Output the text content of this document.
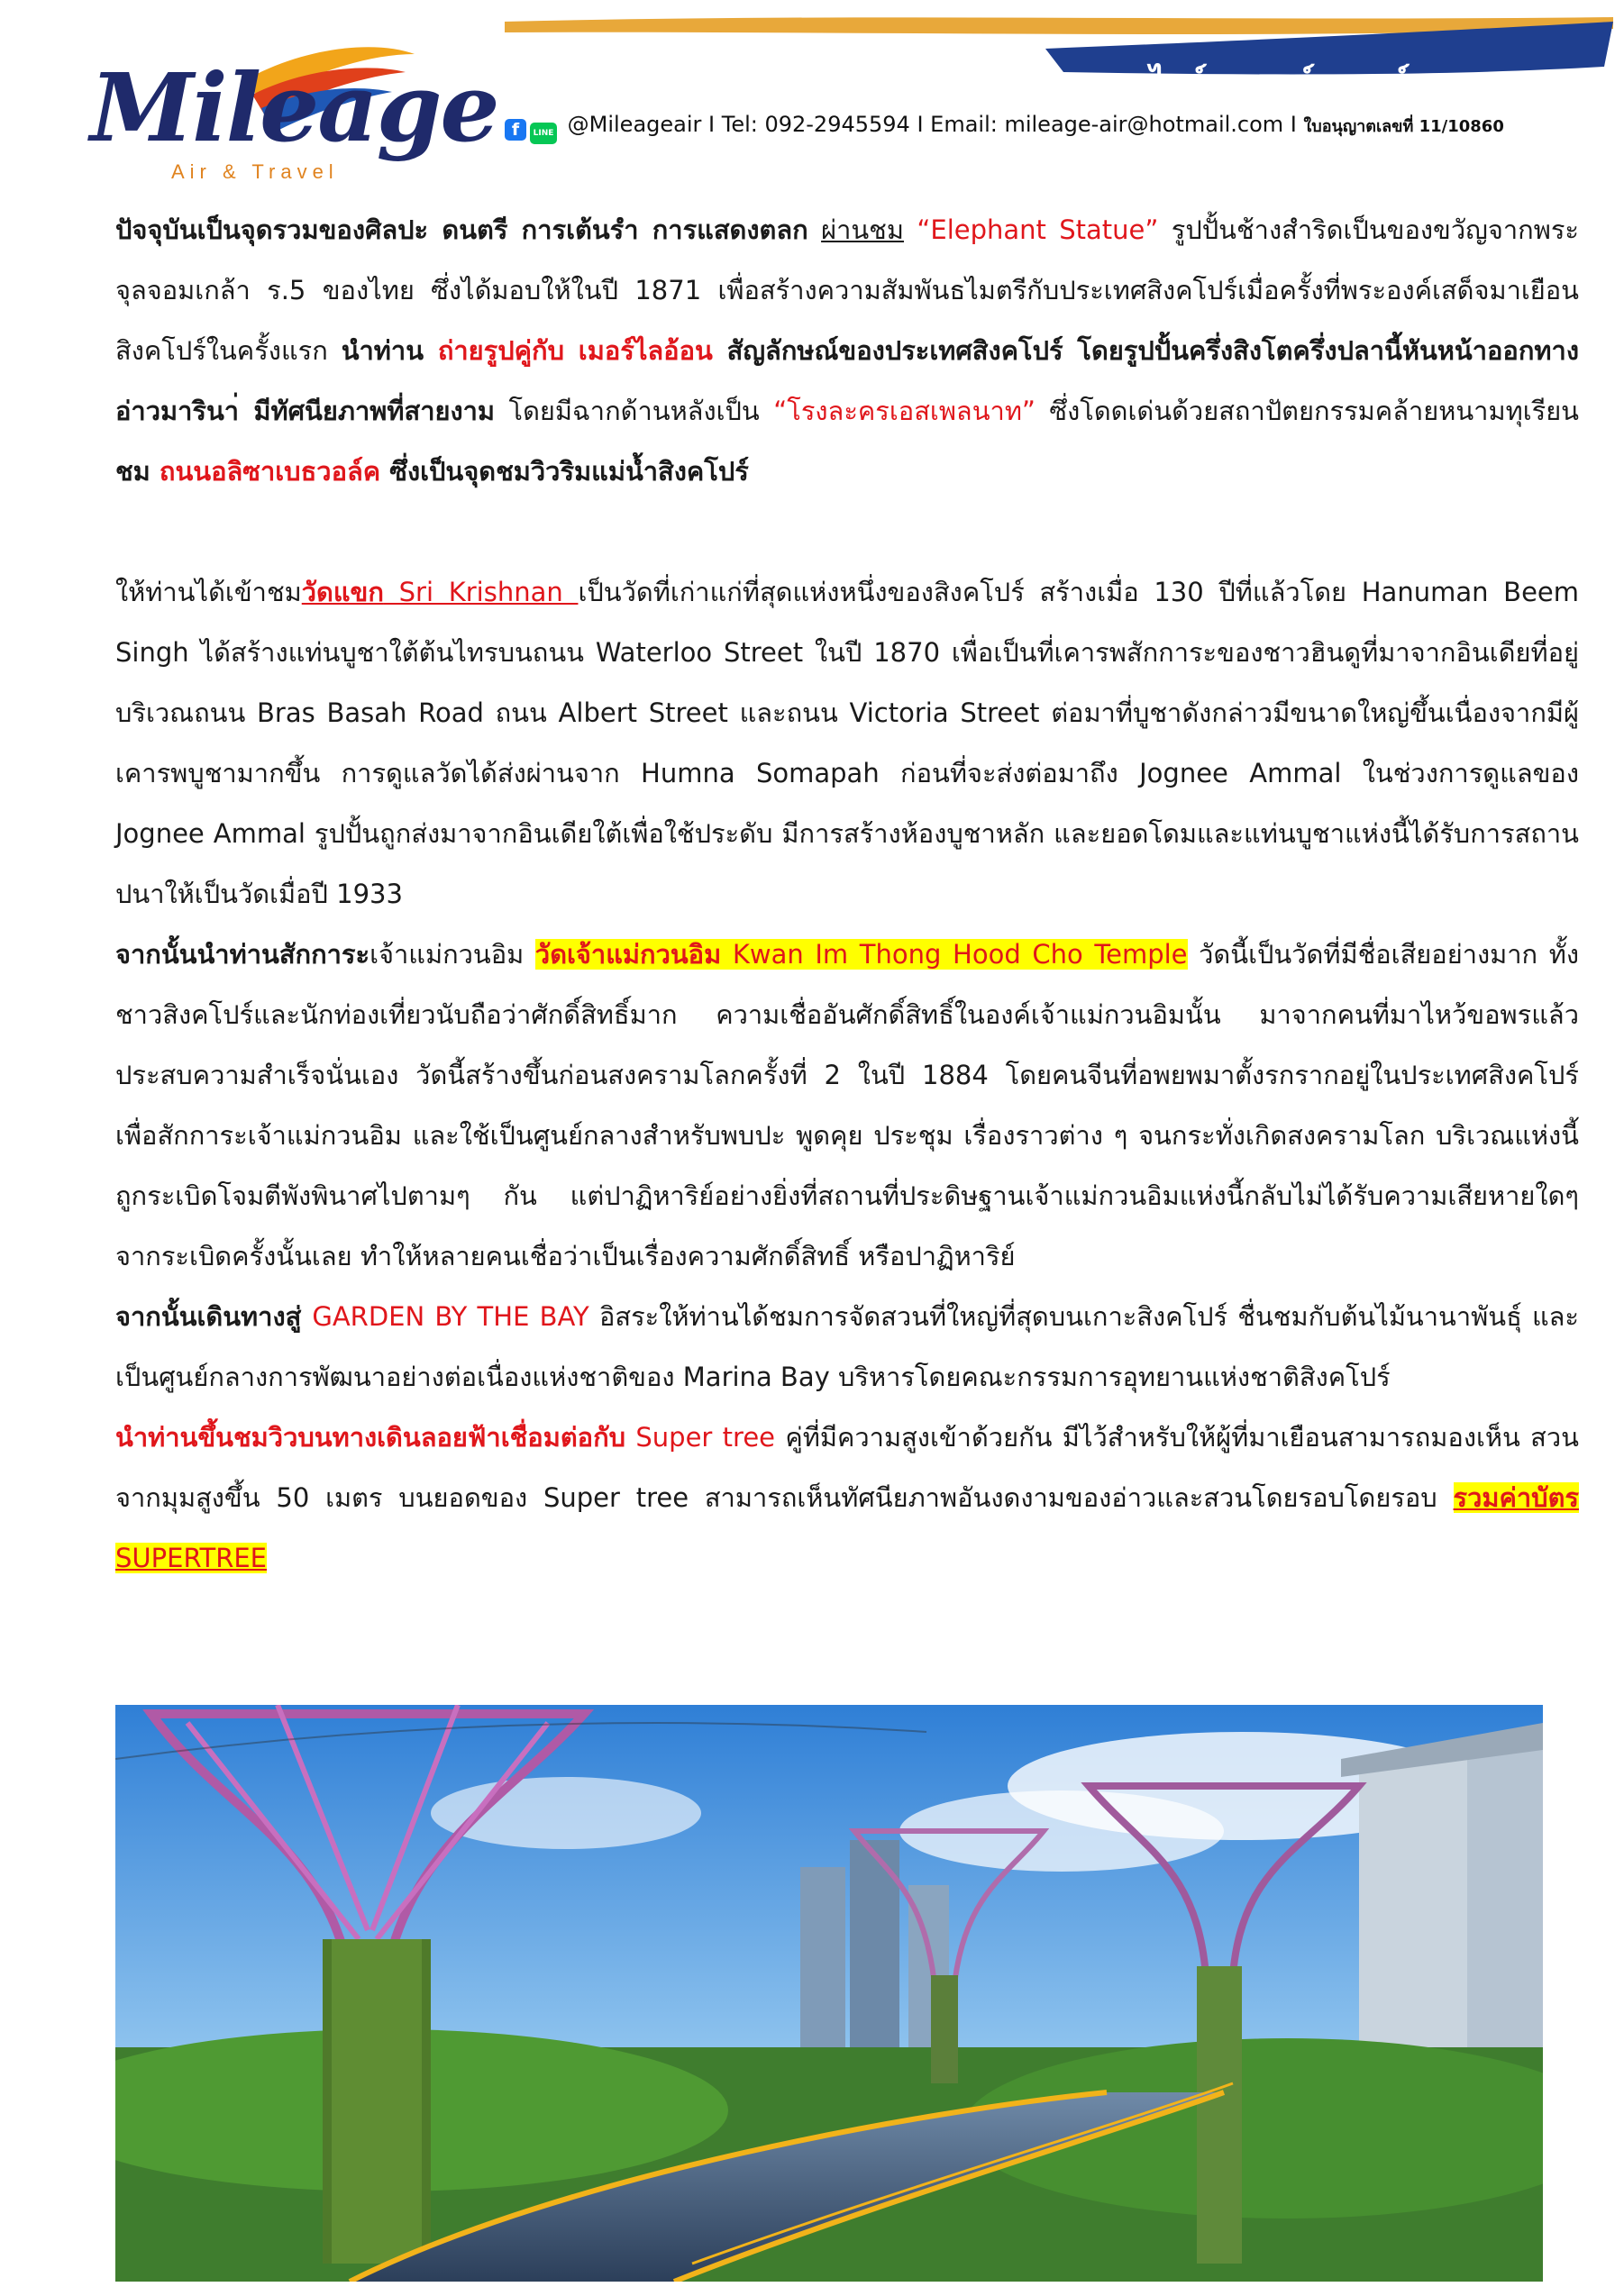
Mileage
Air & Travel
ไมล์เลจแอร์ แอนด์ แทรเวล
f LINE @Mileageair I Tel: 092-2945594 I Email: mileage-air@hotmail.com I ใบอนุญาตเลขที่ 11/10860

ปัจจุบันเป็นจุดรวมของศิลปะ ดนตรี การเต้นรำ การแสดงตลก ผ่านชม “Elephant Statue” รูปปั้นช้างสำริดเป็นของขวัญจากพระจุลจอมเกล้า ร.5 ของไทย ซึ่งได้มอบให้ในปี 1871 เพื่อสร้างความสัมพันธไมตรีกับประเทศสิงคโปร์เมื่อครั้งที่พระองค์เสด็จมาเยือนสิงคโปร์ในครั้งแรก นำท่าน ถ่ายรูปคู่กับ เมอร์ไลอ้อน สัญลักษณ์ของประเทศสิงคโปร์ โดยรูปปั้นครึ่งสิงโตครึ่งปลานี้หันหน้าออกทางอ่าวมารินา่ มีทัศนียภาพที่สายงาม โดยมีฉากด้านหลังเป็น “โรงละครเอสเพลนาท” ซึ่งโดดเด่นด้วยสถาปัตยกรรมคล้ายหนามทุเรียน ชม ถนนอลิซาเบธวอล์ค ซึ่งเป็นจุดชมวิวริมแม่น้ำสิงคโปร์

ให้ท่านได้เข้าชมวัดแขก Sri Krishnan เป็นวัดที่เก่าแก่ที่สุดแห่งหนึ่งของสิงคโปร์ สร้างเมื่อ 130 ปีที่แล้วโดย Hanuman Beem Singh ได้สร้างแท่นบูชาใต้ต้นไทรบนถนน Waterloo Street ในปี 1870 เพื่อเป็นที่เคารพสักการะของชาวฮินดูที่มาจากอินเดียที่อยู่บริเวณถนน Bras Basah Road ถนน Albert Street และถนน Victoria Street ต่อมาที่บูชาดังกล่าวมีขนาดใหญ่ขึ้นเนื่องจากมีผู้เคารพบูชามากขึ้น การดูแลวัดได้ส่งผ่านจาก Humna Somapah ก่อนที่จะส่งต่อมาถึง Jognee Ammal ในช่วงการดูแลของ Jognee Ammal รูปปั้นถูกส่งมาจากอินเดียใต้เพื่อใช้ประดับ มีการสร้างห้องบูชาหลัก และยอดโดมและแท่นบูชาแห่งนี้ได้รับการสถานปนาให้เป็นวัดเมื่อปี 1933

จากนั้นนำท่านสักการะเจ้าแม่กวนอิม วัดเจ้าแม่กวนอิม Kwan Im Thong Hood Cho Temple วัดนี้เป็นวัดที่มีชื่อเสียอย่างมาก ทั้งชาวสิงคโปร์และนักท่องเที่ยวนับถือว่าศักดิ์สิทธิ์มาก ความเชื่ออันศักดิ์สิทธิ์ในองค์เจ้าแม่กวนอิมนั้น มาจากคนที่มาไหว้ขอพรแล้วประสบความสำเร็จนั่นเอง วัดนี้สร้างขึ้นก่อนสงครามโลกครั้งที่ 2 ในปี 1884 โดยคนจีนที่อพยพมาตั้งรกรากอยู่ในประเทศสิงคโปร์ เพื่อสักการะเจ้าแม่กวนอิม และใช้เป็นศูนย์กลางสำหรับพบปะ พูดคุย ประชุม เรื่องราวต่าง ๆ จนกระทั่งเกิดสงครามโลก บริเวณแห่งนี้ถูกระเบิดโจมตีพังพินาศไปตามๆ กัน แต่ปาฏิหาริย์อย่างยิ่งที่สถานที่ประดิษฐานเจ้าแม่กวนอิมแห่งนี้กลับไม่ได้รับความเสียหายใดๆ จากระเบิดครั้งนั้นเลย ทำให้หลายคนเชื่อว่าเป็นเรื่องความศักดิ์สิทธิ์ หรือปาฏิหาริย์

จากนั้นเดินทางสู่ GARDEN BY THE BAY อิสระให้ท่านได้ชมการจัดสวนที่ใหญ่ที่สุดบนเกาะสิงคโปร์ ชื่นชมกับต้นไม้นานาพันธุ์ และ เป็นศูนย์กลางการพัฒนาอย่างต่อเนื่องแห่งชาติของ Marina Bay บริหารโดยคณะกรรมการอุทยานแห่งชาติสิงคโปร์

นำท่านขึ้นชมวิวบนทางเดินลอยฟ้าเชื่อมต่อกับ Super tree คู่ที่มีความสูงเข้าด้วยกัน มีไว้สำหรับให้ผู้ที่มาเยือนสามารถมองเห็น สวนจากมุมสูงขึ้น 50 เมตร บนยอดของ Super tree สามารถเห็นทัศนียภาพอันงดงามของอ่าวและสวนโดยรอบโดยรอบ รวมค่าบัตร SUPERTREE
